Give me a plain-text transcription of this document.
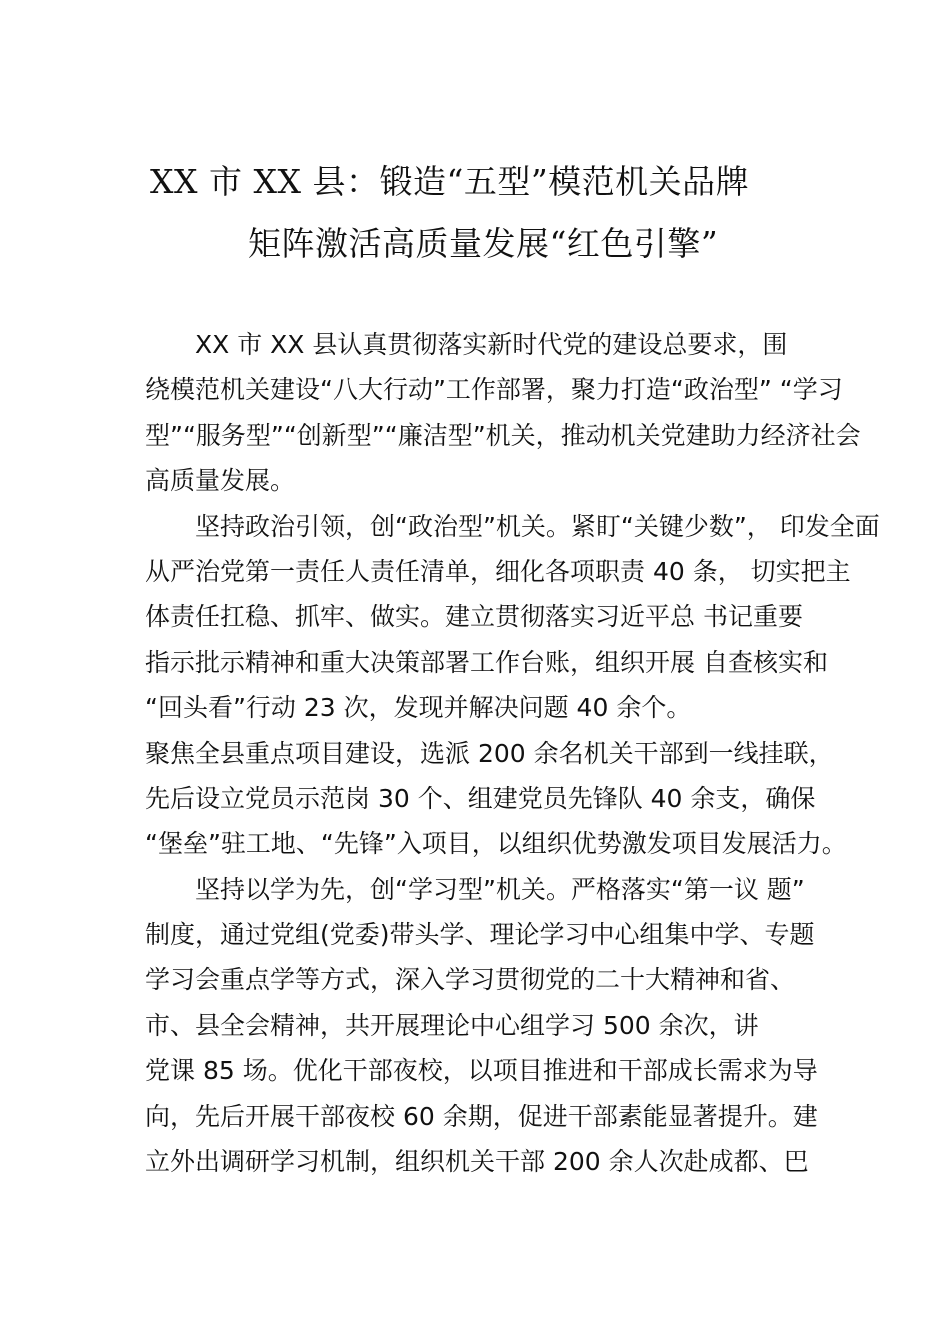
XX 市 XX 县：锻造“五型”模范机关品牌
矩阵激活高质量发展“红色引擎”
XX 市 XX 县认真贯彻落实新时代党的建设总要求，围
绕模范机关建设“八大行动”工作部署，聚力打造“政治型” “学习
型”“服务型”“创新型”“廉洁型”机关，推动机关党建助力经济社会
高质量发展。
坚持政治引领，创“政治型”机关。紧盯“关键少数”， 印发全面
从严治党第一责任人责任清单，细化各项职责 40 条， 切实把主
体责任扛稳、抓牢、做实。建立贯彻落实习近平总 书记重要
指示批示精神和重大决策部署工作台账，组织开展 自查核实和
“回头看”行动 23 次，发现并解决问题 40 余个。
聚焦全县重点项目建设，选派 200 余名机关干部到一线挂联，
先后设立党员示范岗 30 个、组建党员先锋队 40 余支，确保
“堡垒”驻工地、“先锋”入项目，以组织优势激发项目发展活力。
坚持以学为先，创“学习型”机关。严格落实“第一议 题”
制度，通过党组(党委)带头学、理论学习中心组集中学、专题
学习会重点学等方式，深入学习贯彻党的二十大精神和省、
市、县全会精神，共开展理论中心组学习 500 余次，讲
党课 85 场。优化干部夜校，以项目推进和干部成长需求为导
向，先后开展干部夜校 60 余期，促进干部素能显著提升。建
立外出调研学习机制，组织机关干部 200 余人次赴成都、巴
